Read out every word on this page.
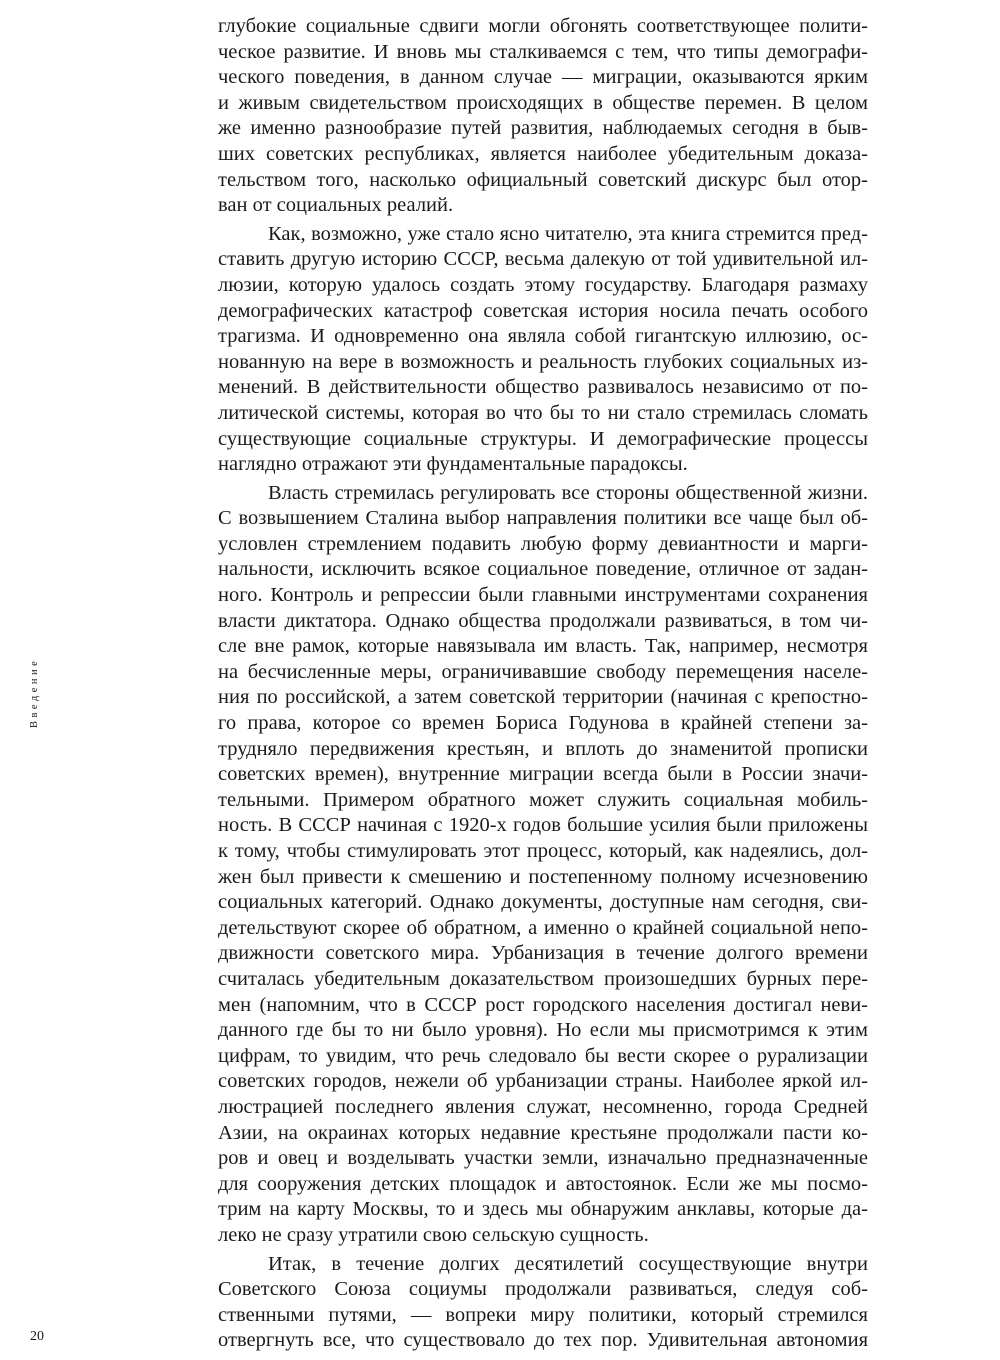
глубокие социальные сдвиги могли обгонять соответствующее полити-
ческое развитие. И вновь мы сталкиваемся с тем, что типы демографи-
ческого поведения, в данном случае — миграции, оказываются ярким
и живым свидетельством происходящих в обществе перемен. В целом
же именно разнообразие путей развития, наблюдаемых сегодня в быв-
ших советских республиках, является наиболее убедительным доказа-
тельством того, насколько официальный советский дискурс был отор-
ван от социальных реалий.
Как, возможно, уже стало ясно читателю, эта книга стремится пред-
ставить другую историю СССР, весьма далекую от той удивительной ил-
люзии, которую удалось создать этому государству. Благодаря размаху
демографических катастроф советская история носила печать особого
трагизма. И одновременно она являла собой гигантскую иллюзию, ос-
нованную на вере в возможность и реальность глубоких социальных из-
менений. В действительности общество развивалось независимо от по-
литической системы, которая во что бы то ни стало стремилась сломать
существующие социальные структуры. И демографические процессы
наглядно отражают эти фундаментальные парадоксы.
Власть стремилась регулировать все стороны общественной жизни.
С возвышением Сталина выбор направления политики все чаще был об-
условлен стремлением подавить любую форму девиантности и марги-
нальности, исключить всякое социальное поведение, отличное от задан-
ного. Контроль и репрессии были главными инструментами сохранения
власти диктатора. Однако общества продолжали развиваться, в том чи-
сле вне рамок, которые навязывала им власть. Так, например, несмотря
на бесчисленные меры, ограничивавшие свободу перемещения населе-
ния по российской, а затем советской территории (начиная с крепостно-
го права, которое со времен Бориса Годунова в крайней степени за-
трудняло передвижения крестьян, и вплоть до знаменитой прописки
советских времен), внутренние миграции всегда были в России значи-
тельными. Примером обратного может служить социальная мобиль-
ность. В СССР начиная с 1920-х годов большие усилия были приложены
к тому, чтобы стимулировать этот процесс, который, как надеялись, дол-
жен был привести к смешению и постепенному полному исчезновению
социальных категорий. Однако документы, доступные нам сегодня, сви-
детельствуют скорее об обратном, а именно о крайней социальной непо-
движности советского мира. Урбанизация в течение долгого времени
считалась убедительным доказательством произошедших бурных пере-
мен (напомним, что в СССР рост городского населения достигал неви-
данного где бы то ни было уровня). Но если мы присмотримся к этим
цифрам, то увидим, что речь следовало бы вести скорее о рурализации
советских городов, нежели об урбанизации страны. Наиболее яркой ил-
люстрацией последнего явления служат, несомненно, города Средней
Азии, на окраинах которых недавние крестьяне продолжали пасти ко-
ров и овец и возделывать участки земли, изначально предназначенные
для сооружения детских площадок и автостоянок. Если же мы посмо-
трим на карту Москвы, то и здесь мы обнаружим анклавы, которые да-
леко не сразу утратили свою сельскую сущность.
Итак, в течение долгих десятилетий сосуществующие внутри
Советского Союза социумы продолжали развиваться, следуя соб-
ственными путями, — вопреки миру политики, который стремился
отвергнуть все, что существовало до тех пор. Удивительная автономия
Введение
20
